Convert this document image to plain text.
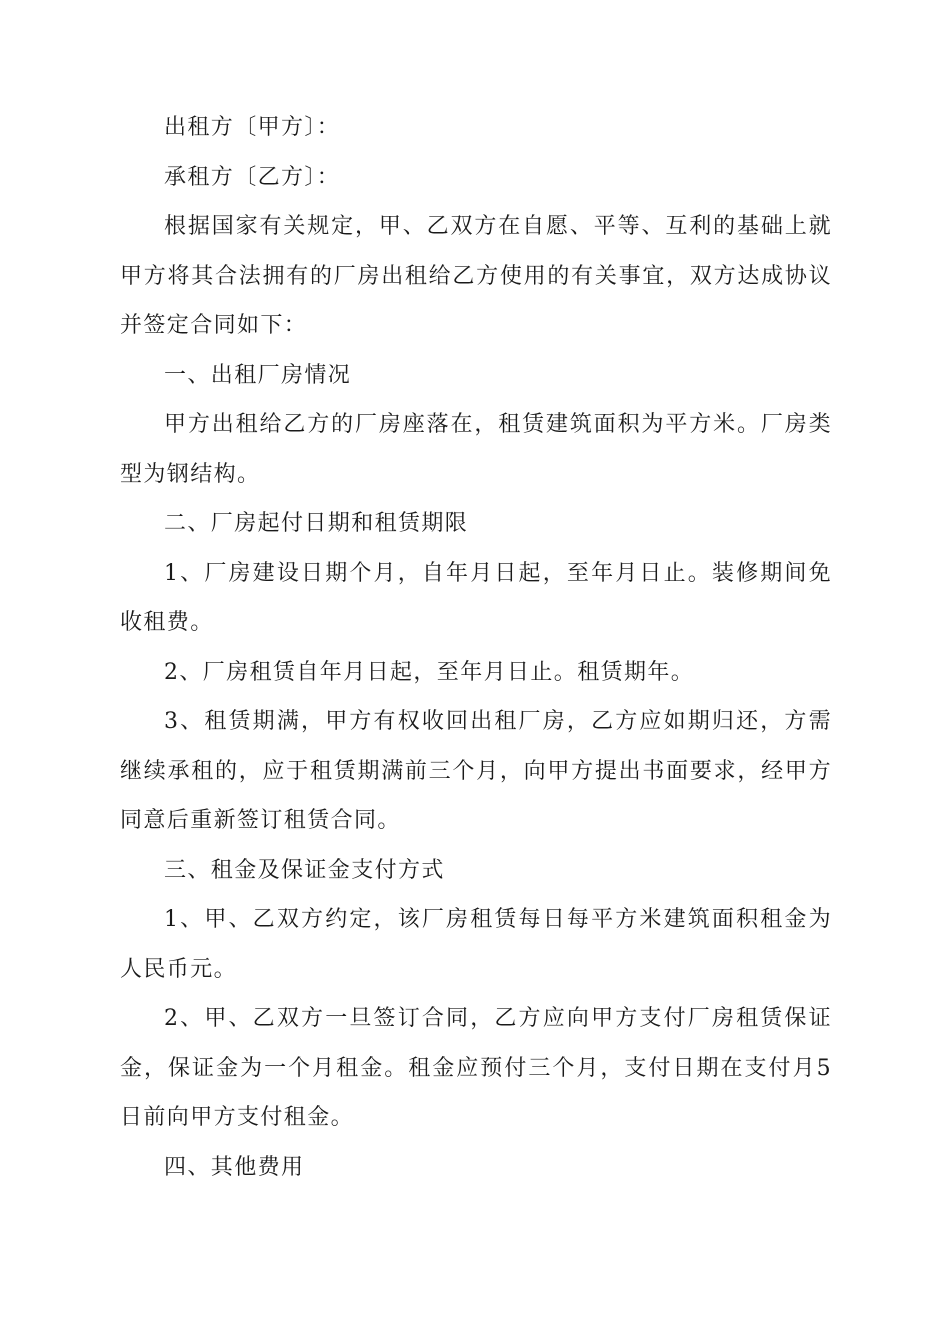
出租方〔甲方〕：

承租方〔乙方〕：

根据国家有关规定，甲、乙双方在自愿、平等、互利的基础上就甲方将其合法拥有的厂房出租给乙方使用的有关事宜，双方达成协议并签定合同如下：

一、出租厂房情况

甲方出租给乙方的厂房座落在，租赁建筑面积为平方米。厂房类型为钢结构。

二、厂房起付日期和租赁期限

1、厂房建设日期个月，自年月日起，至年月日止。装修期间免收租费。

2、厂房租赁自年月日起，至年月日止。租赁期年。

3、租赁期满，甲方有权收回出租厂房，乙方应如期归还，方需继续承租的，应于租赁期满前三个月，向甲方提出书面要求，经甲方同意后重新签订租赁合同。

三、租金及保证金支付方式

1、甲、乙双方约定，该厂房租赁每日每平方米建筑面积租金为人民币元。

2、甲、乙双方一旦签订合同，乙方应向甲方支付厂房租赁保证金，保证金为一个月租金。租金应预付三个月，支付日期在支付月5日前向甲方支付租金。

四、其他费用
